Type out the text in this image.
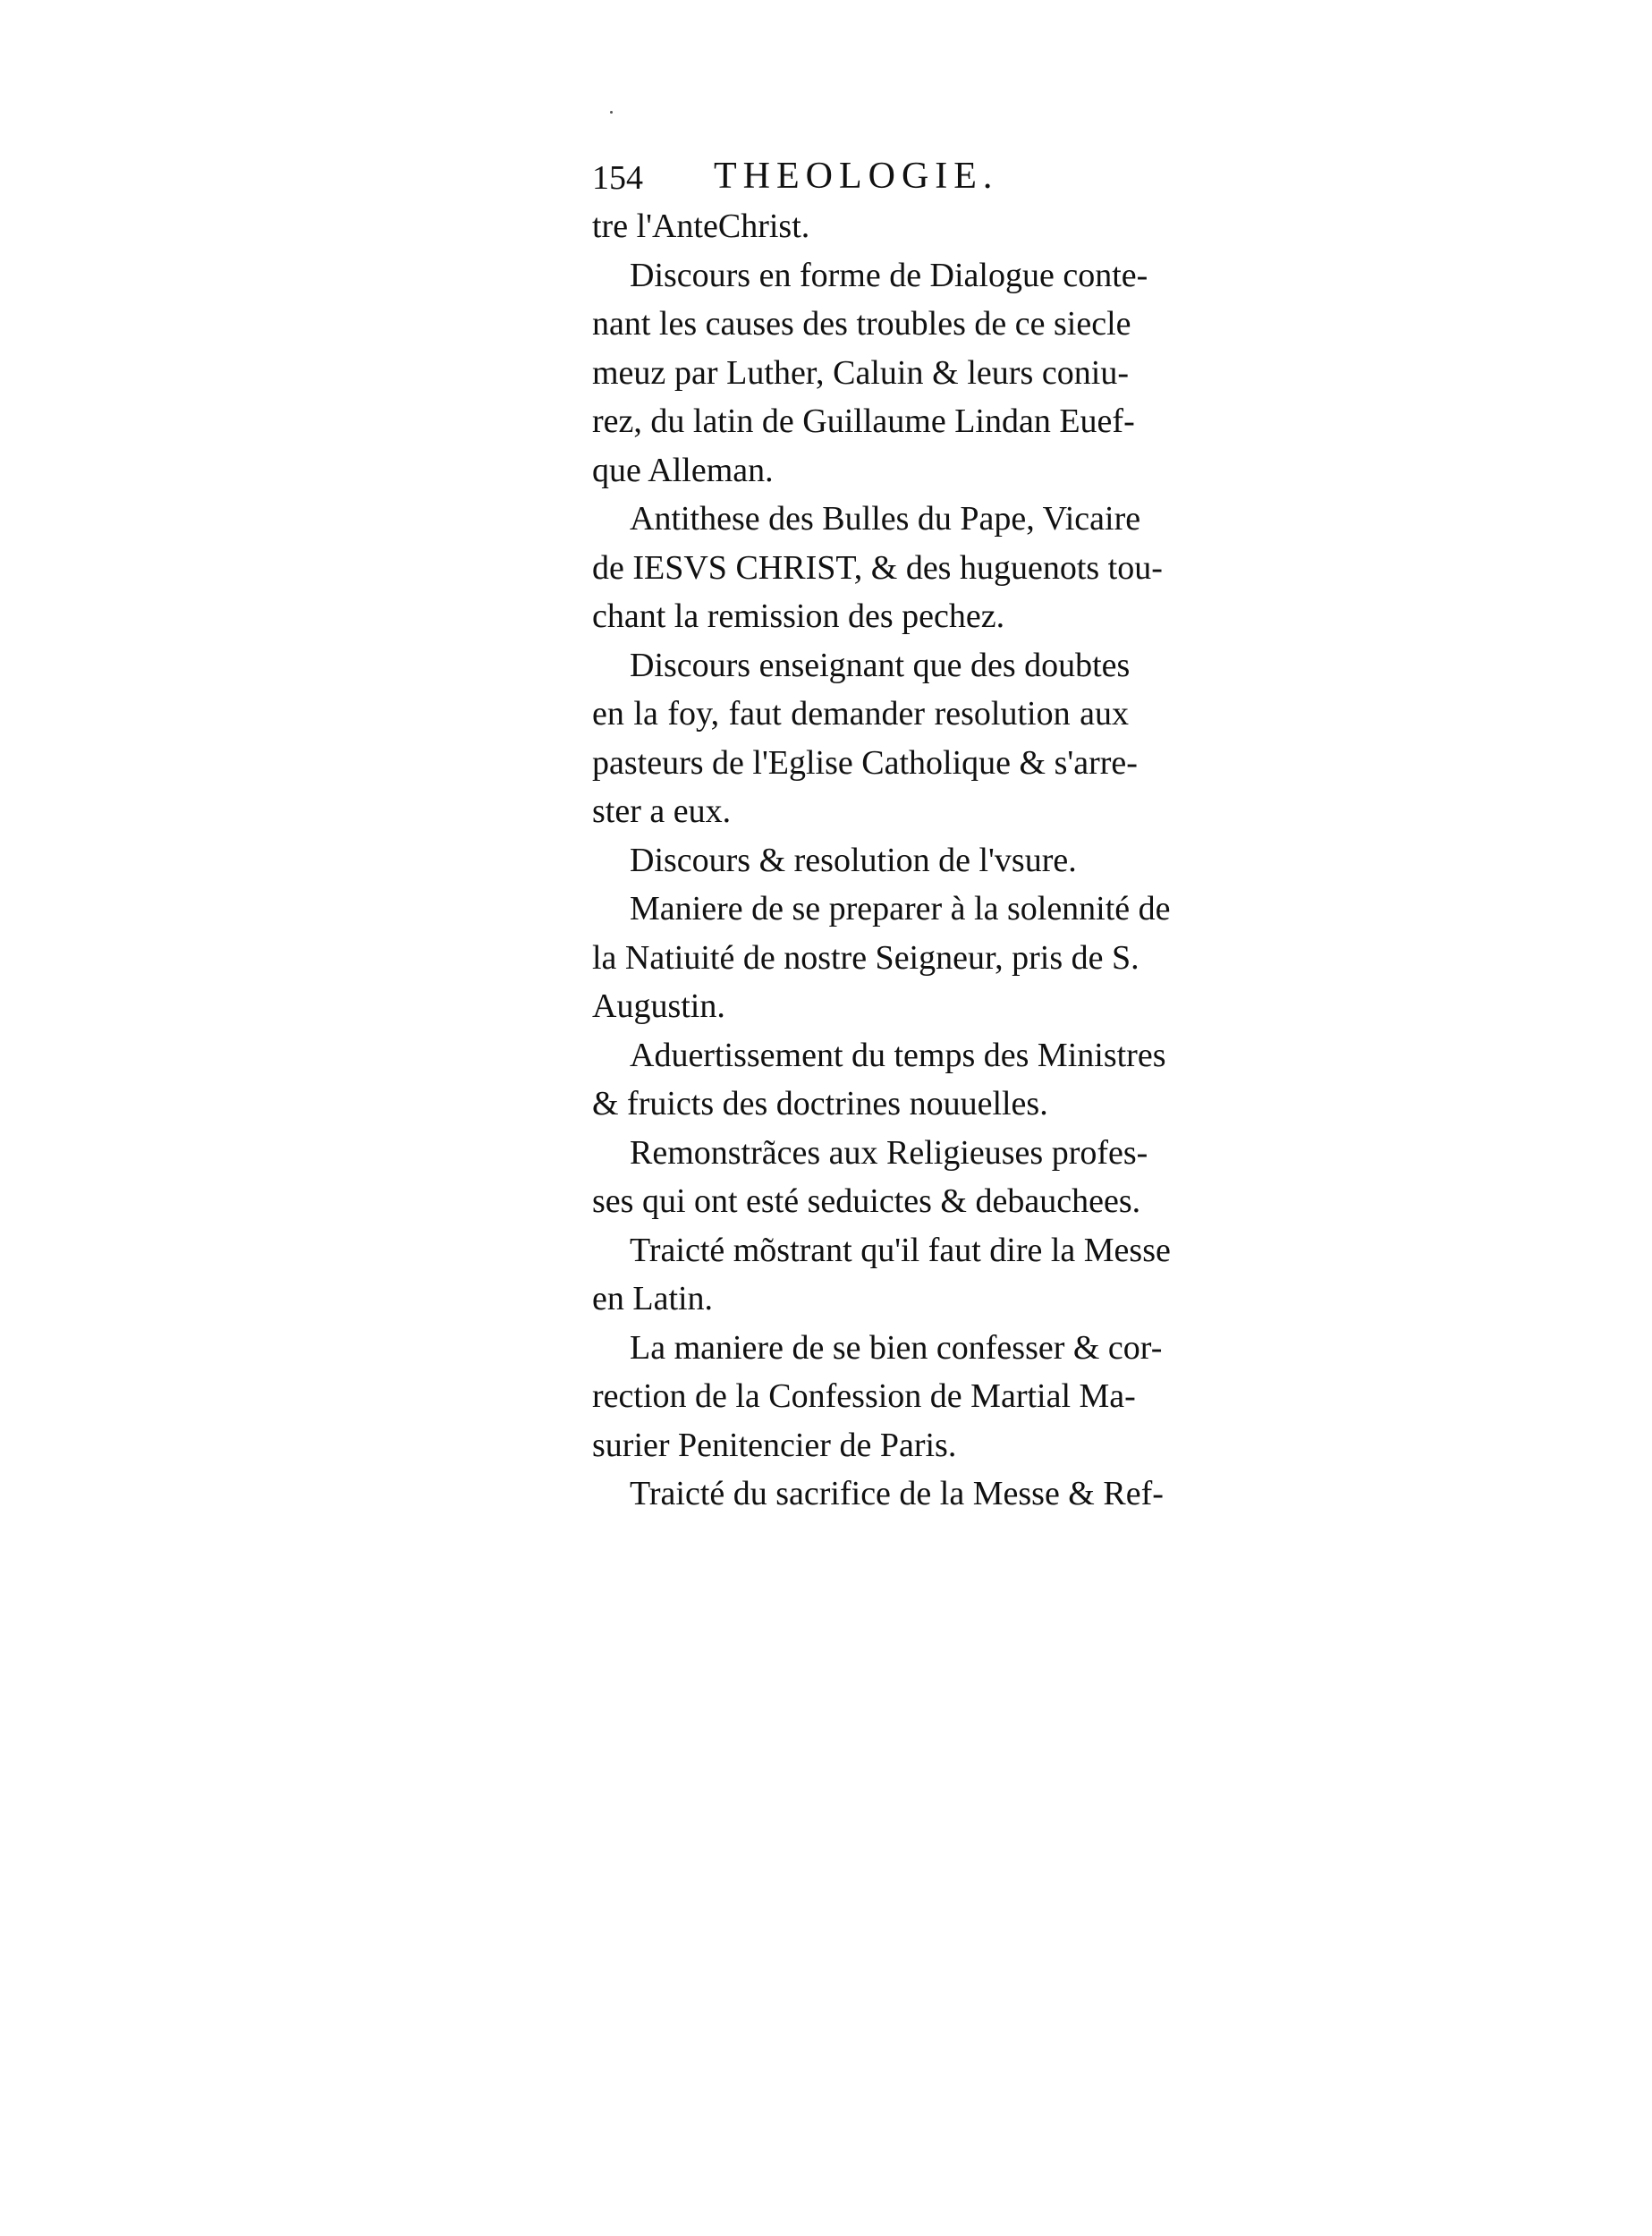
154 THEOLOGIE.
tre l'AnteChrist.
Discours en forme de Dialogue conte-
nant les causes des troubles de ce siecle
meuz par Luther, Caluin & leurs coniu-
rez, du latin de Guillaume Lindan Euef-
que Alleman.
Antithese des Bulles du Pape, Vicaire
de IESVS CHRIST, & des huguenots tou-
chant la remission des pechez.
Discours enseignant que des doubtes
en la foy, faut demander resolution aux
pasteurs de l'Eglise Catholique & s'arre-
ster a eux.
Discours & resolution de l'vsure.
Maniere de se preparer à la solennité de
la Natiuité de nostre Seigneur, pris de S.
Augustin.
Aduertissement du temps des Ministres
& fruicts des doctrines nouuelles.
Remonstrãces aux Religieuses profes-
ses qui ont esté seduictes & debauchees.
Traicté mõstrant qu'il faut dire la Messe
en Latin.
La maniere de se bien confesser & cor-
rection de la Confession de Martial Ma-
surier Penitencier de Paris.
Traicté du sacrifice de la Messe & Ref-
